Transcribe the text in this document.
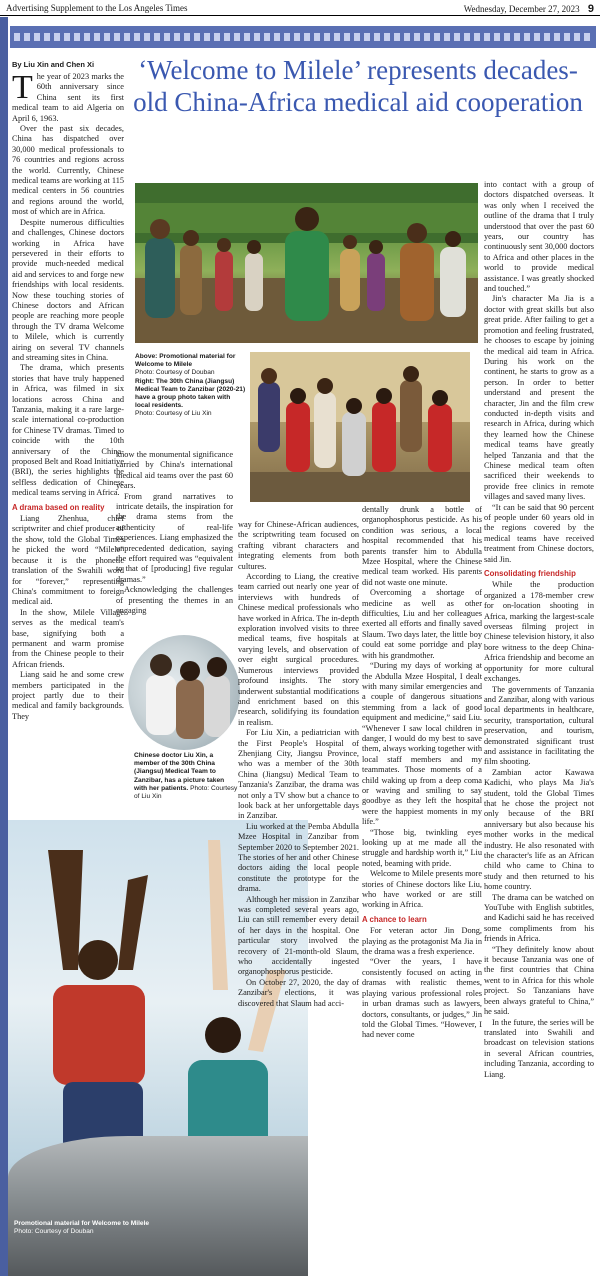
Advertising Supplement to the Los Angeles Times	Wednesday, December 27, 2023 9
By Liu Xin and Chen Xi	‘Welcome to Milele’ represents decades-old China-Africa medical aid cooperation
Above: Promotional material for Welcome to Milele
Photo: Courtesy of Douban
Right: The 30th China (Jiangsu) Medical Team to Zanzibar (2020-21) have a group photo taken with local residents.
Photo: Courtesy of Liu Xin
Chinese doctor Liu Xin, a member of the 30th China (Jiangsu) Medical Team to Zanzibar, has a picture taken with her patients. Photo: Courtesy of Liu Xin
Promotional material for Welcome to Milele Photo: Courtesy of Douban

The year of 2023 marks the 60th anniversary since China sent its first medical team to aid Algeria on April 6, 1963.

Over the past six decades, China has dispatched over 30,000 medical professionals to 76 countries and regions across the world. Currently, Chinese medical teams are working at 115 medical centers in 56 countries and regions around the world, most of which are in Africa.

Despite numerous difficulties and challenges, Chinese doctors working in Africa have persevered in their efforts to provide much-needed medical aid and services to and forge new friendships with local residents. Now these touching stories of Chinese doctors and African people are reaching more people through the TV drama Welcome to Milele, which is currently airing on several TV channels and streaming sites in China.

The drama, which presents stories that have truly happened in Africa, was filmed in six locations across China and Tanzania, making it a rare large-scale international co-production for Chinese TV dramas. Timed to coincide with the 10th anniversary of the China-proposed Belt and Road Initiative (BRI), the series highlights the selfless dedication of Chinese medical teams serving in Africa.

A drama based on reality

Liang Zhenhua, chief scriptwriter and chief producer of the show, told the Global Times he picked the word “Milele” because it is the phonetic translation of the Swahili word for “forever,” representing China's commitment to foreign medical aid.

In the show, Milele Village serves as the medical team's base, signifying both a permanent and warm promise from the Chinese people to their African friends.

Liang said he and some crew members participated in the project partly due to their medical and family backgrounds. They

know the monumental significance carried by China's international medical aid teams over the past 60 years.

From grand narratives to intricate details, the inspiration for the drama stems from the authenticity of real-life experiences. Liang emphasized the unprecedented dedication, saying the effort required was “equivalent to that of [producing] five regular dramas.”

Acknowledging the challenges of presenting the themes in an engaging

way for Chinese-African audiences, the scriptwriting team focused on crafting vibrant characters and integrating elements from both cultures.

According to Liang, the creative team carried out nearly one year of interviews with hundreds of Chinese medical professionals who have worked in Africa. The in-depth exploration involved visits to three medical teams, five hospitals at varying levels, and observation of over eight surgical procedures. Numerous interviews provided profound insights. The story underwent substantial modifications and enrichment based on this research, solidifying its foundation in realism.

For Liu Xin, a pediatrician with the First People's Hospital of Zhenjiang City, Jiangsu Province, who was a member of the 30th China (Jiangsu) Medical Team to Tanzania's Zanzibar, the drama was not only a TV show but a chance to look back at her unforgettable days in Zanzibar.

Liu worked at the Pemba Abdulla Mzee Hospital in Zanzibar from September 2020 to September 2021. The stories of her and other Chinese doctors aiding the local people constitute the prototype for the drama.

Although her mission in Zanzibar was completed several years ago, Liu can still remember every detail of her days in the hospital. One particular story involved the recovery of 21-month-old Slaum, who accidentally ingested organophosphorus pesticide.

On October 27, 2020, the day of Zanzibar's elections, it was discovered that Slaum had acci-

dentally drunk a bottle of organophosphorus pesticide. As his condition was serious, a local hospital recommended that his parents transfer him to Abdulla Mzee Hospital, where the Chinese medical team worked. His parents did not waste one minute.

Overcoming a shortage of medicine as well as other difficulties, Liu and her colleagues exerted all efforts and finally saved Slaum. Two days later, the little boy could eat some porridge and play with his grandmother.

“During my days of working at the Abdulla Mzee Hospital, I dealt with many similar emergencies and a couple of dangerous situations stemming from a lack of good equipment and medicine,” said Liu. “Whenever I saw local children in danger, I would do my best to save them, always working together with local staff members and my teammates. Those moments of a child waking up from a deep coma or waving and smiling to say goodbye as they left the hospital were the happiest moments in my life.”

“Those big, twinkling eyes looking up at me made all the struggle and hardship worth it,” Liu noted, beaming with pride.

Welcome to Milele presents more stories of Chinese doctors like Liu, who have worked or are still working in Africa.

A chance to learn

For veteran actor Jin Dong, playing as the protagonist Ma Jia in the drama was a fresh experience.

“Over the years, I have consistently focused on acting in dramas with realistic themes, playing various professional roles in urban dramas such as lawyers, doctors, consultants, or judges,” Jin told the Global Times. “However, I had never come

into contact with a group of doctors dispatched overseas. It was only when I received the outline of the drama that I truly understood that over the past 60 years, our country has continuously sent 30,000 doctors to Africa and other places in the world to provide medical assistance. I was greatly shocked and touched.”

Jin's character Ma Jia is a doctor with great skills but also great pride. After failing to get a promotion and feeling frustrated, he chooses to escape by joining the medical aid team in Africa. During his work on the continent, he starts to grow as a person. In order to better understand and present the character, Jin and the film crew conducted in-depth visits and research in Africa, during which they learned how the Chinese medical teams have greatly helped Tanzania and that the Chinese medical team often sacrificed their weekends to provide free clinics in remote villages and saved many lives.

“It can be said that 90 percent of people under 60 years old in the regions covered by the medical teams have received treatment from Chinese doctors, said Jin.

Consolidating friendship

While the production organized a 178-member crew for on-location shooting in Africa, marking the largest-scale overseas filming project in Chinese television history, it also bore witness to the deep China-Africa friendship and become an opportunity for more cultural exchanges.

The governments of Tanzania and Zanzibar, along with various local departments in healthcare, security, transportation, cultural preservation, and tourism, demonstrated significant trust and assistance in facilitating the film shooting.

Zambian actor Kawawa Kadichi, who plays Ma Jia's student, told the Global Times that he chose the project not only because of the BRI anniversary but also because his mother works in the medical industry. He also resonated with the character's life as an African child who came to China to study and then returned to his home country.

The drama can be watched on YouTube with English subtitles, and Kadichi said he has received some compliments from his friends in Africa.

“They definitely know about it because Tanzania was one of the first countries that China went to in Africa for this whole project. So Tanzanians have been always grateful to China,” he said.

In the future, the series will be translated into Swahili and broadcast on television stations in several African countries, including Tanzania, according to Liang.
